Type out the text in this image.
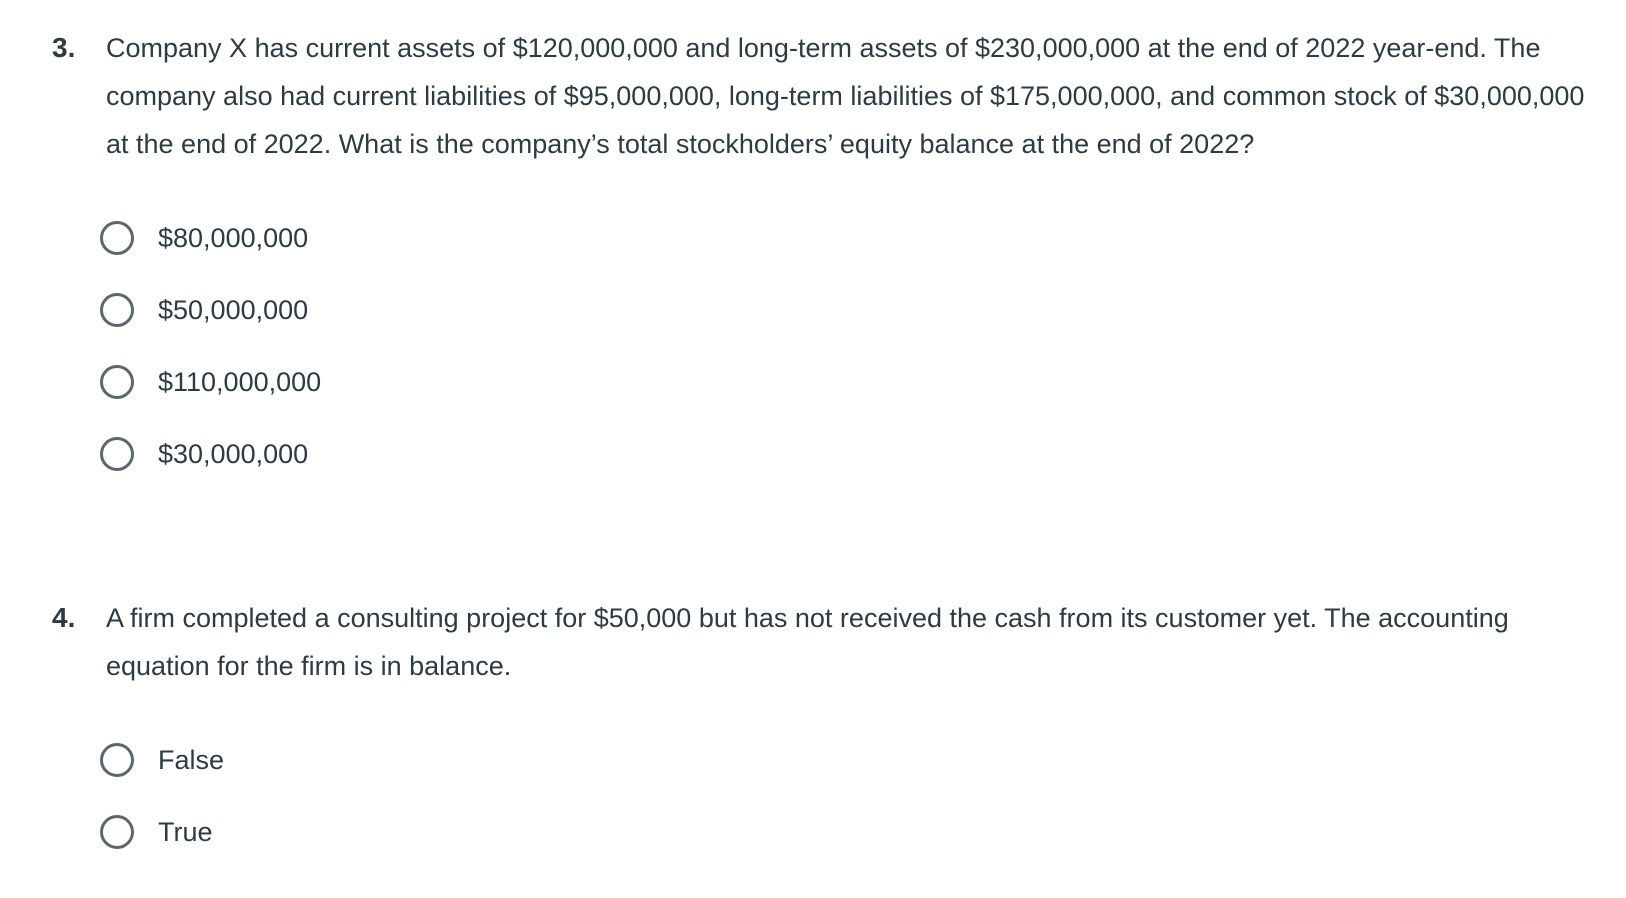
3.	Company X has current assets of $120,000,000 and long-term assets of $230,000,000 at the end of 2022 year-end. The company also had current liabilities of $95,000,000, long-term liabilities of $175,000,000, and common stock of $30,000,000 at the end of 2022. What is the company’s total stockholders’ equity balance at the end of 2022?
$80,000,000
$50,000,000
$110,000,000
$30,000,000
4.	A firm completed a consulting project for $50,000 but has not received the cash from its customer yet. The accounting equation for the firm is in balance.
False
True
